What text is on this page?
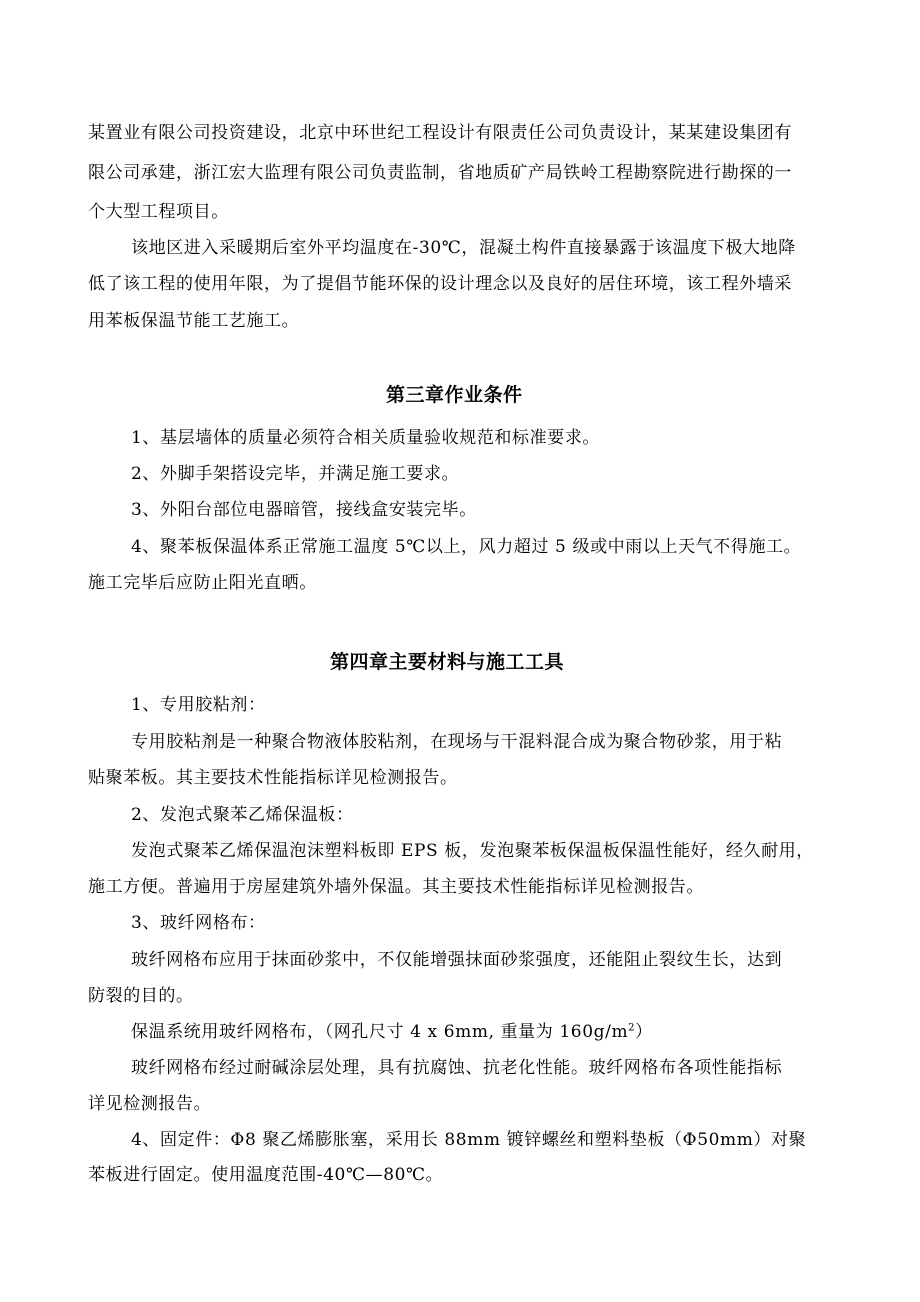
某置业有限公司投资建设，北京中环世纪工程设计有限责任公司负责设计，某某建设集团有
限公司承建，浙江宏大监理有限公司负责监制，省地质矿产局铁岭工程勘察院进行勘探的一
个大型工程项目。
该地区进入采暖期后室外平均温度在-30℃，混凝土构件直接暴露于该温度下极大地降
低了该工程的使用年限，为了提倡节能环保的设计理念以及良好的居住环境，该工程外墙采
用苯板保温节能工艺施工。
第三章作业条件
1、基层墙体的质量必须符合相关质量验收规范和标准要求。
2、外脚手架搭设完毕，并满足施工要求。
3、外阳台部位电器暗管，接线盒安装完毕。
4、聚苯板保温体系正常施工温度 5℃以上，风力超过 5 级或中雨以上天气不得施工。
施工完毕后应防止阳光直晒。
第四章主要材料与施工工具
1、专用胶粘剂：
专用胶粘剂是一种聚合物液体胶粘剂，在现场与干混料混合成为聚合物砂浆，用于粘
贴聚苯板。其主要技术性能指标详见检测报告。
2、发泡式聚苯乙烯保温板：
发泡式聚苯乙烯保温泡沫塑料板即 EPS 板，发泡聚苯板保温板保温性能好，经久耐用，
施工方便。普遍用于房屋建筑外墙外保温。其主要技术性能指标详见检测报告。
3、玻纤网格布：
玻纤网格布应用于抹面砂浆中，不仅能增强抹面砂浆强度，还能阻止裂纹生长，达到
防裂的目的。
保温系统用玻纤网格布，（网孔尺寸 4 x 6mm, 重量为 $160g/m^2$）
玻纤网格布经过耐碱涂层处理，具有抗腐蚀、抗老化性能。玻纤网格布各项性能指标
详见检测报告。
4、固定件：Φ8 聚乙烯膨胀塞，采用长 88mm 镀锌螺丝和塑料垫板（Φ50mm）对聚
苯板进行固定。使用温度范围-40℃—80℃。
